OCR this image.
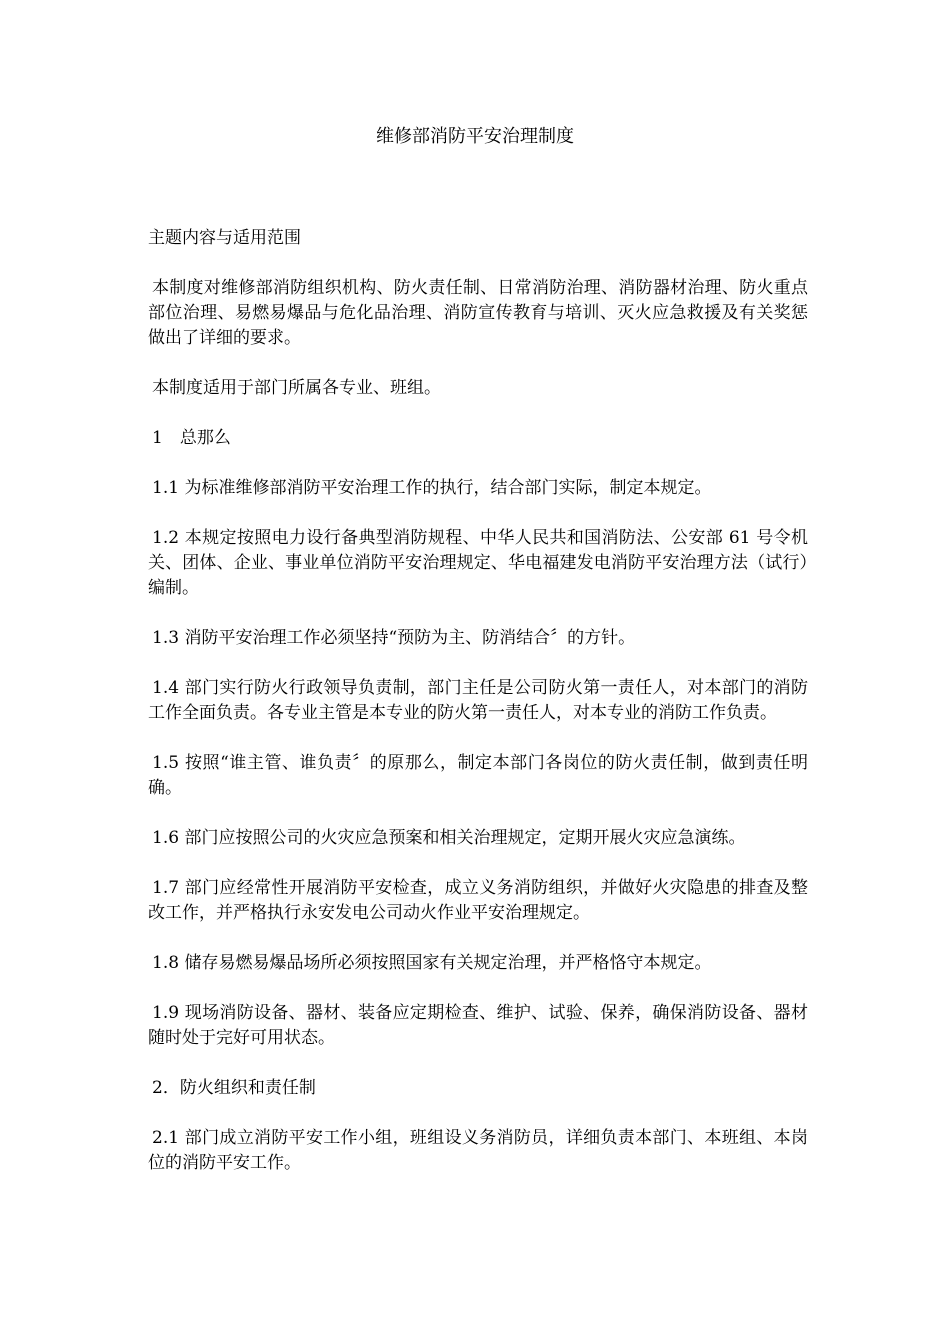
维修部消防平安治理制度

主题内容与适用范围

本制度对维修部消防组织机构、防火责任制、日常消防治理、消防器材治理、防火重点部位治理、易燃易爆品与危化品治理、消防宣传教育与培训、灭火应急救援及有关奖惩做出了详细的要求。

本制度适用于部门所属各专业、班组。

1　总那么

1.1 为标准维修部消防平安治理工作的执行，结合部门实际，制定本规定。

1.2 本规定按照电力设行备典型消防规程、中华人民共和国消防法、公安部 61 号令机关、团体、企业、事业单位消防平安治理规定、华电福建发电消防平安治理方法（试行）编制。

1.3 消防平安治理工作必须坚持“预防为主、防消结合〞的方针。

1.4 部门实行防火行政领导负责制，部门主任是公司防火第一责任人，对本部门的消防工作全面负责。各专业主管是本专业的防火第一责任人，对本专业的消防工作负责。

1.5 按照“谁主管、谁负责〞的原那么，制定本部门各岗位的防火责任制，做到责任明确。

1.6 部门应按照公司的火灾应急预案和相关治理规定，定期开展火灾应急演练。

1.7 部门应经常性开展消防平安检查，成立义务消防组织，并做好火灾隐患的排查及整改工作，并严格执行永安发电公司动火作业平安治理规定。

1.8 储存易燃易爆品场所必须按照国家有关规定治理，并严格恪守本规定。

1.9 现场消防设备、器材、装备应定期检查、维护、试验、保养，确保消防设备、器材随时处于完好可用状态。

2．防火组织和责任制

2.1 部门成立消防平安工作小组，班组设义务消防员，详细负责本部门、本班组、本岗位的消防平安工作。
